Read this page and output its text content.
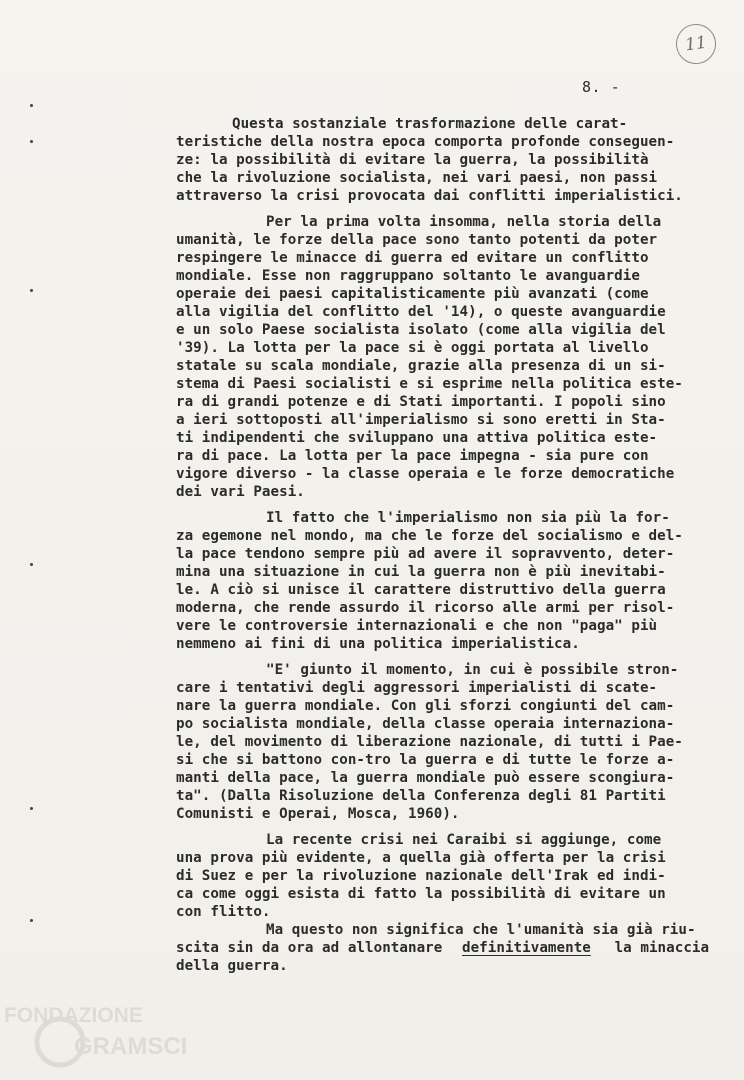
11
8. -
Questa sostanziale trasformazione delle carat-
teristiche della nostra epoca comporta profonde conseguen-
ze: la possibilità di evitare la guerra, la possibilità
che la rivoluzione socialista, nei vari paesi, non passi
attraverso la crisi provocata dai conflitti imperialistici.
Per la prima volta insomma, nella storia della
umanità, le forze della pace sono tanto potenti da poter
respingere le minacce di guerra ed evitare un conflitto
mondiale. Esse non raggruppano soltanto le avanguardie
operaie dei paesi capitalisticamente più avanzati (come
alla vigilia del conflitto del '14), o queste avanguardie
e un solo Paese socialista isolato (come alla vigilia del
'39). La lotta per la pace si è oggi portata al livello
statale su scala mondiale, grazie alla presenza di un si-
stema di Paesi socialisti e si esprime nella politica este-
ra di grandi potenze e di Stati importanti. I popoli sino
a ieri sottoposti all'imperialismo si sono eretti in Sta-
ti indipendenti che sviluppano una attiva politica este-
ra di pace. La lotta per la pace impegna - sia pure con
vigore diverso - la classe operaia e le forze democratiche
dei vari Paesi.
Il fatto che l'imperialismo non sia più la for-
za egemone nel mondo, ma che le forze del socialismo e del-
la pace tendono sempre più ad avere il sopravvento, deter-
mina una situazione in cui la guerra non è più inevitabi-
le. A ciò si unisce il carattere distruttivo della guerra
moderna, che rende assurdo il ricorso alle armi per risol-
vere le controversie internazionali e che non "paga" più
nemmeno ai fini di una politica imperialistica.
"E' giunto il momento, in cui è possibile stron-
care i tentativi degli aggressori imperialisti di scate-
nare la guerra mondiale. Con gli sforzi congiunti del cam-
po socialista mondiale, della classe operaia internaziona-
le, del movimento di liberazione nazionale, di tutti i Pae-
si che si battono con-tro la guerra e di tutte le forze a-
manti della pace, la guerra mondiale può essere scongiura-
ta". (Dalla Risoluzione della Conferenza degli 81 Partiti
Comunisti e Operai, Mosca, 1960).
La recente crisi nei Caraibi si aggiunge, come
una prova più evidente, a quella già offerta per la crisi
di Suez e per la rivoluzione nazionale dell'Irak ed indi-
ca come oggi esista di fatto la possibilità di evitare un
con flitto.
Ma questo non significa che l'umanità sia già riu-
scita sin da ora ad allontanare definitivamente la minaccia
della guerra.
FONDAZIONE
GRAMSCI
